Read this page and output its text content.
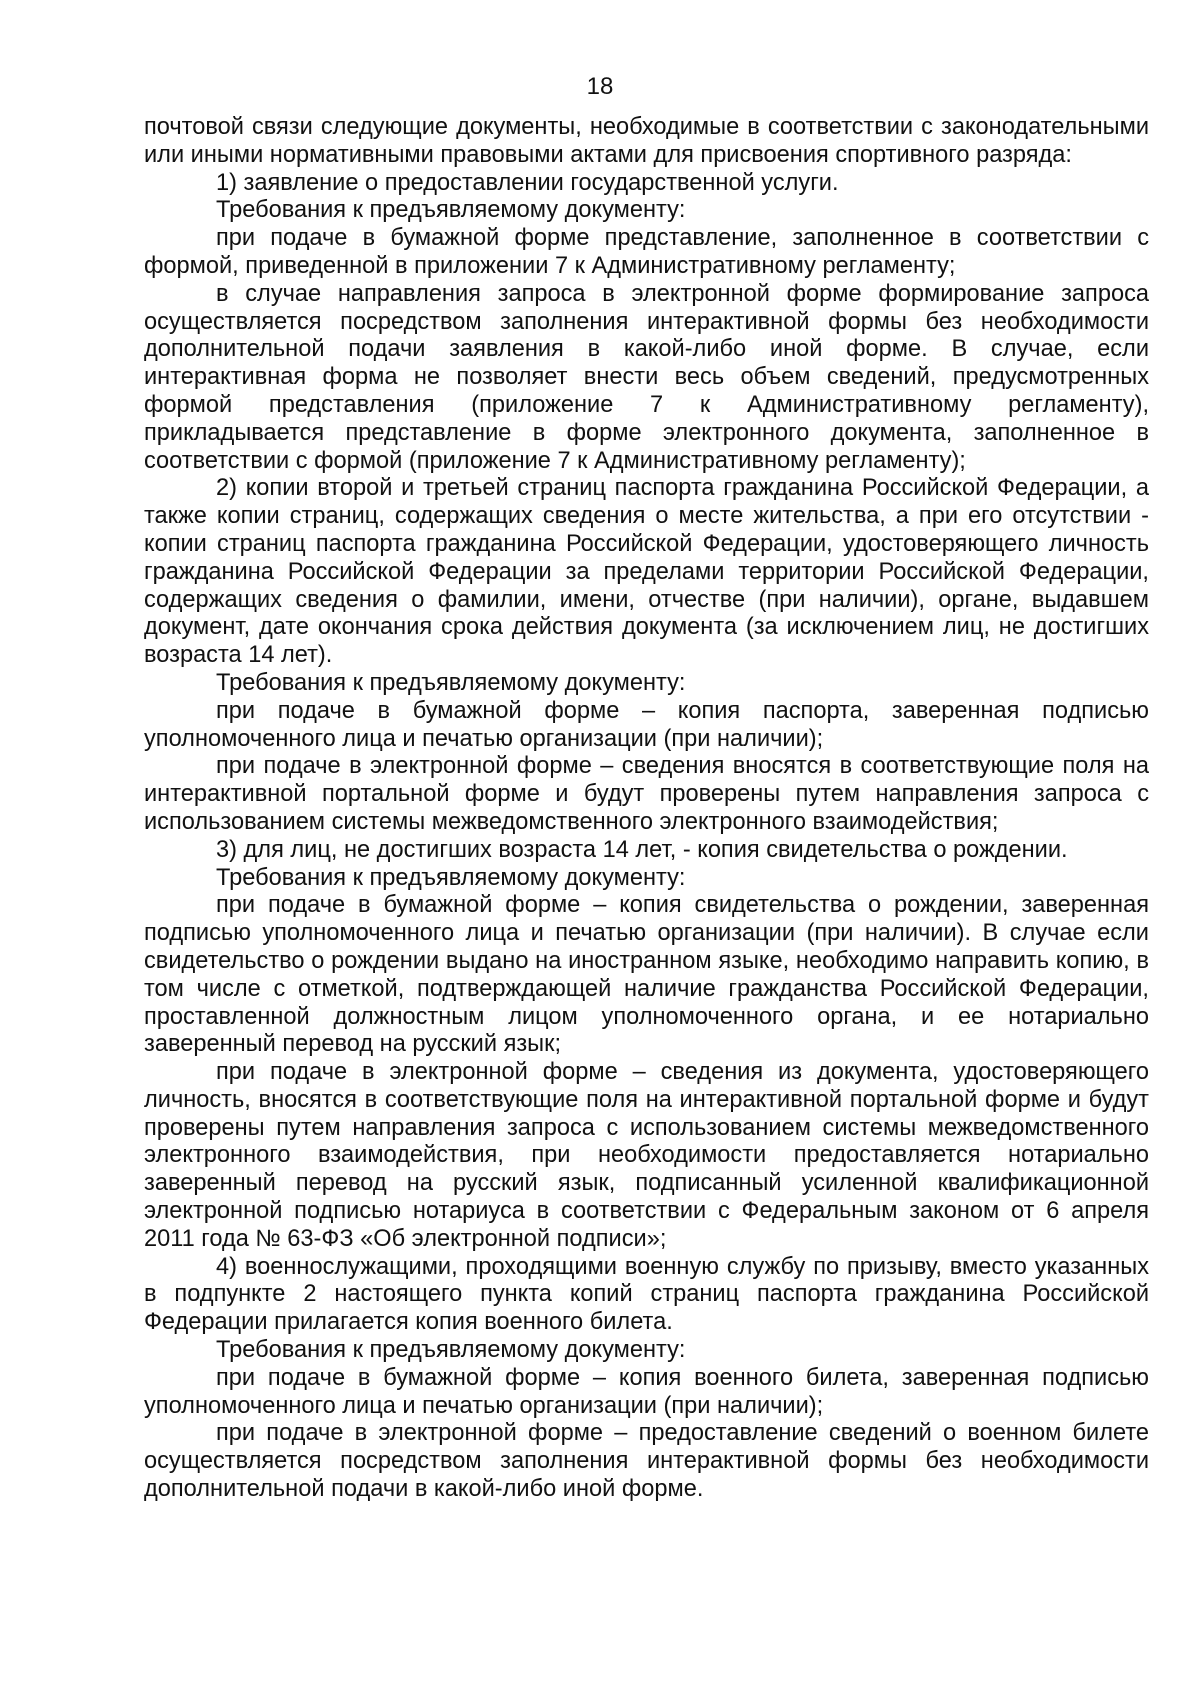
18

почтовой связи следующие документы, необходимые в соответствии с законодательными или иными нормативными правовыми актами для присвоения спортивного разряда:

1) заявление о предоставлении государственной услуги.

Требования к предъявляемому документу:

при подаче в бумажной форме представление, заполненное в соответствии с формой, приведенной в приложении 7 к Административному регламенту;

в случае направления запроса в электронной форме формирование запроса осуществляется посредством заполнения интерактивной формы без необходимости дополнительной подачи заявления в какой-либо иной форме. В случае, если интерактивная форма не позволяет внести весь объем сведений, предусмотренных формой представления (приложение 7 к Административному регламенту), прикладывается представление в форме электронного документа, заполненное в соответствии с формой (приложение 7 к Административному регламенту);

2) копии второй и третьей страниц паспорта гражданина Российской Федерации, а также копии страниц, содержащих сведения о месте жительства, а при его отсутствии - копии страниц паспорта гражданина Российской Федерации, удостоверяющего личность гражданина Российской Федерации за пределами территории Российской Федерации, содержащих сведения о фамилии, имени, отчестве (при наличии), органе, выдавшем документ, дате окончания срока действия документа (за исключением лиц, не достигших возраста 14 лет).

Требования к предъявляемому документу:

при подаче в бумажной форме – копия паспорта, заверенная подписью уполномоченного лица и печатью организации (при наличии);

при подаче в электронной форме – сведения вносятся в соответствующие поля на интерактивной портальной форме и будут проверены путем направления запроса с использованием системы межведомственного электронного взаимодействия;

3) для лиц, не достигших возраста 14 лет, - копия свидетельства о рождении.

Требования к предъявляемому документу:

при подаче в бумажной форме – копия свидетельства о рождении, заверенная подписью уполномоченного лица и печатью организации (при наличии). В случае если свидетельство о рождении выдано на иностранном языке, необходимо направить копию, в том числе с отметкой, подтверждающей наличие гражданства Российской Федерации, проставленной должностным лицом уполномоченного органа, и ее нотариально заверенный перевод на русский язык;

при подаче в электронной форме – сведения из документа, удостоверяющего личность, вносятся в соответствующие поля на интерактивной портальной форме и будут проверены путем направления запроса с использованием системы межведомственного электронного взаимодействия, при необходимости предоставляется нотариально заверенный перевод на русский язык, подписанный усиленной квалификационной электронной подписью нотариуса в соответствии с Федеральным законом от 6 апреля 2011 года № 63-ФЗ «Об электронной подписи»;

4) военнослужащими, проходящими военную службу по призыву, вместо указанных в подпункте 2 настоящего пункта копий страниц паспорта гражданина Российской Федерации прилагается копия военного билета.

Требования к предъявляемому документу:

при подаче в бумажной форме – копия военного билета, заверенная подписью уполномоченного лица и печатью организации (при наличии);

при подаче в электронной форме – предоставление сведений о военном билете осуществляется посредством заполнения интерактивной формы без необходимости дополнительной подачи в какой-либо иной форме.
